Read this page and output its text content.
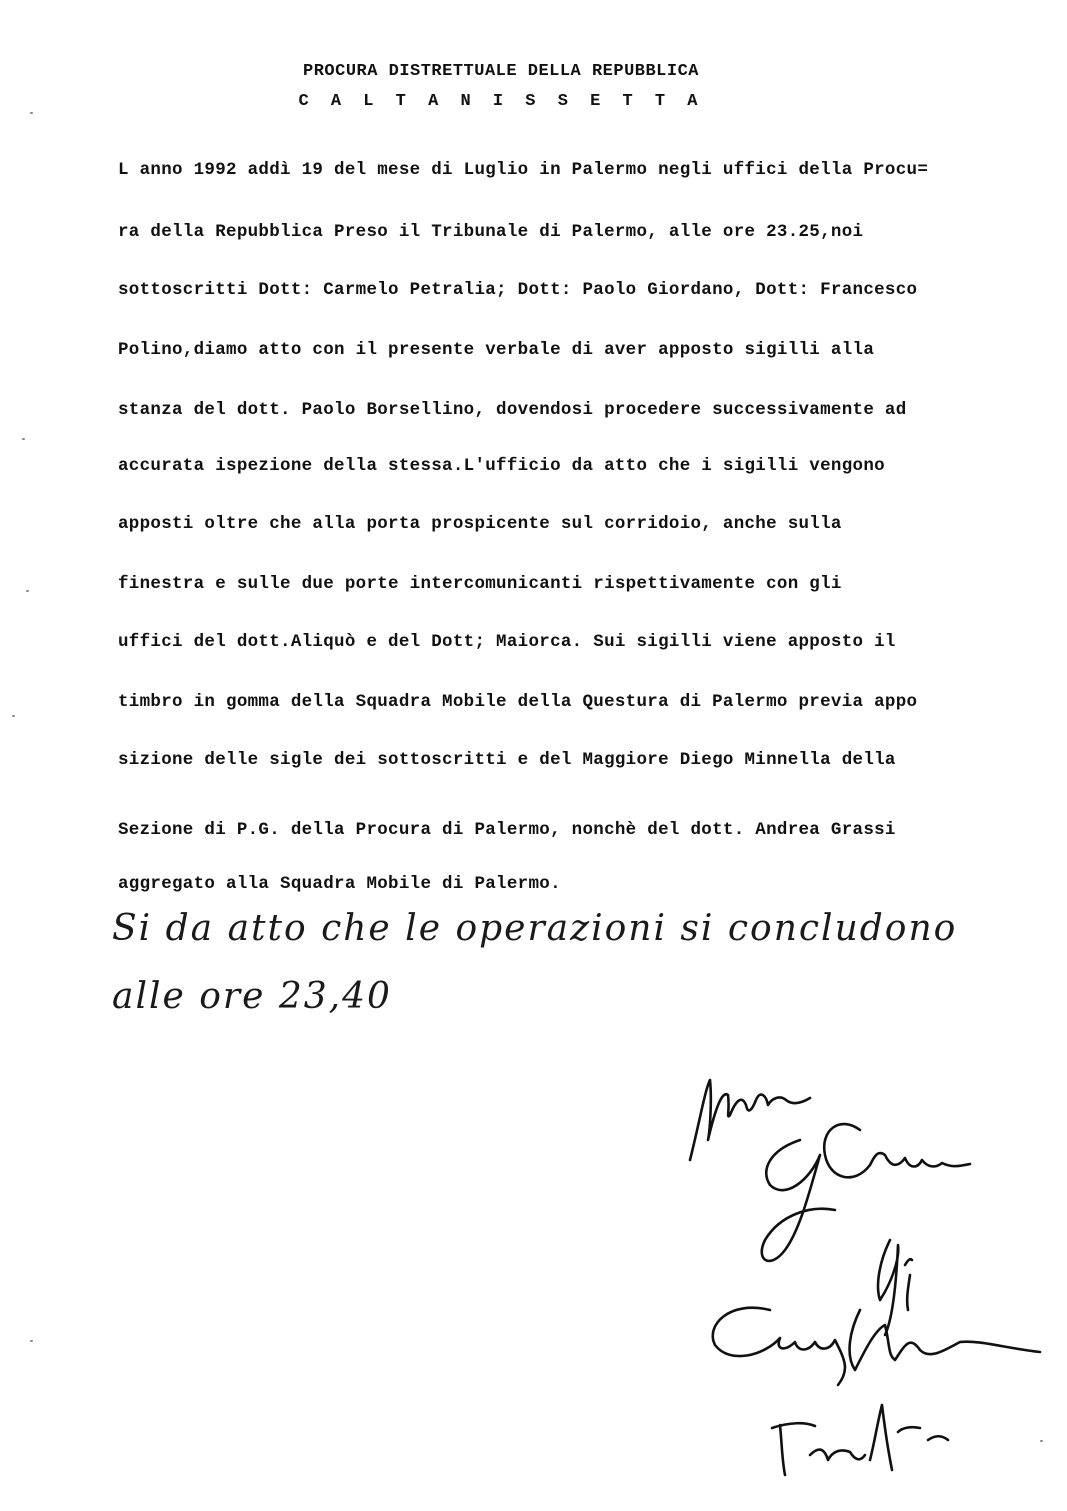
PROCURA DISTRETTUALE DELLA REPUBBLICA
C A L T A N I S S E T T A
L anno 1992 addì 19 del mese di Luglio in Palermo negli uffici della Procu=
ra della Repubblica Preso il Tribunale di Palermo, alle ore 23.25,noi
sottoscritti Dott: Carmelo Petralia; Dott: Paolo Giordano, Dott: Francesco
Polino,diamo atto con il presente verbale di aver apposto sigilli alla
stanza del dott. Paolo Borsellino, dovendosi procedere successivamente ad
accurata ispezione della stessa.L'ufficio da atto che i sigilli vengono
apposti oltre che alla porta prospicente sul corridoio, anche sulla
finestra e sulle due porte intercomunicanti rispettivamente con gli
uffici del dott.Aliquò e del Dott; Maiorca. Sui sigilli viene apposto il
timbro in gomma della Squadra Mobile della Questura di Palermo previa appo
sizione delle sigle dei sottoscritti e del Maggiore Diego Minnella della
Sezione di P.G. della Procura di Palermo, nonchè del dott. Andrea Grassi
aggregato alla Squadra Mobile di Palermo.
Si da atto che le operazioni si concludono
alle ore 23,40
